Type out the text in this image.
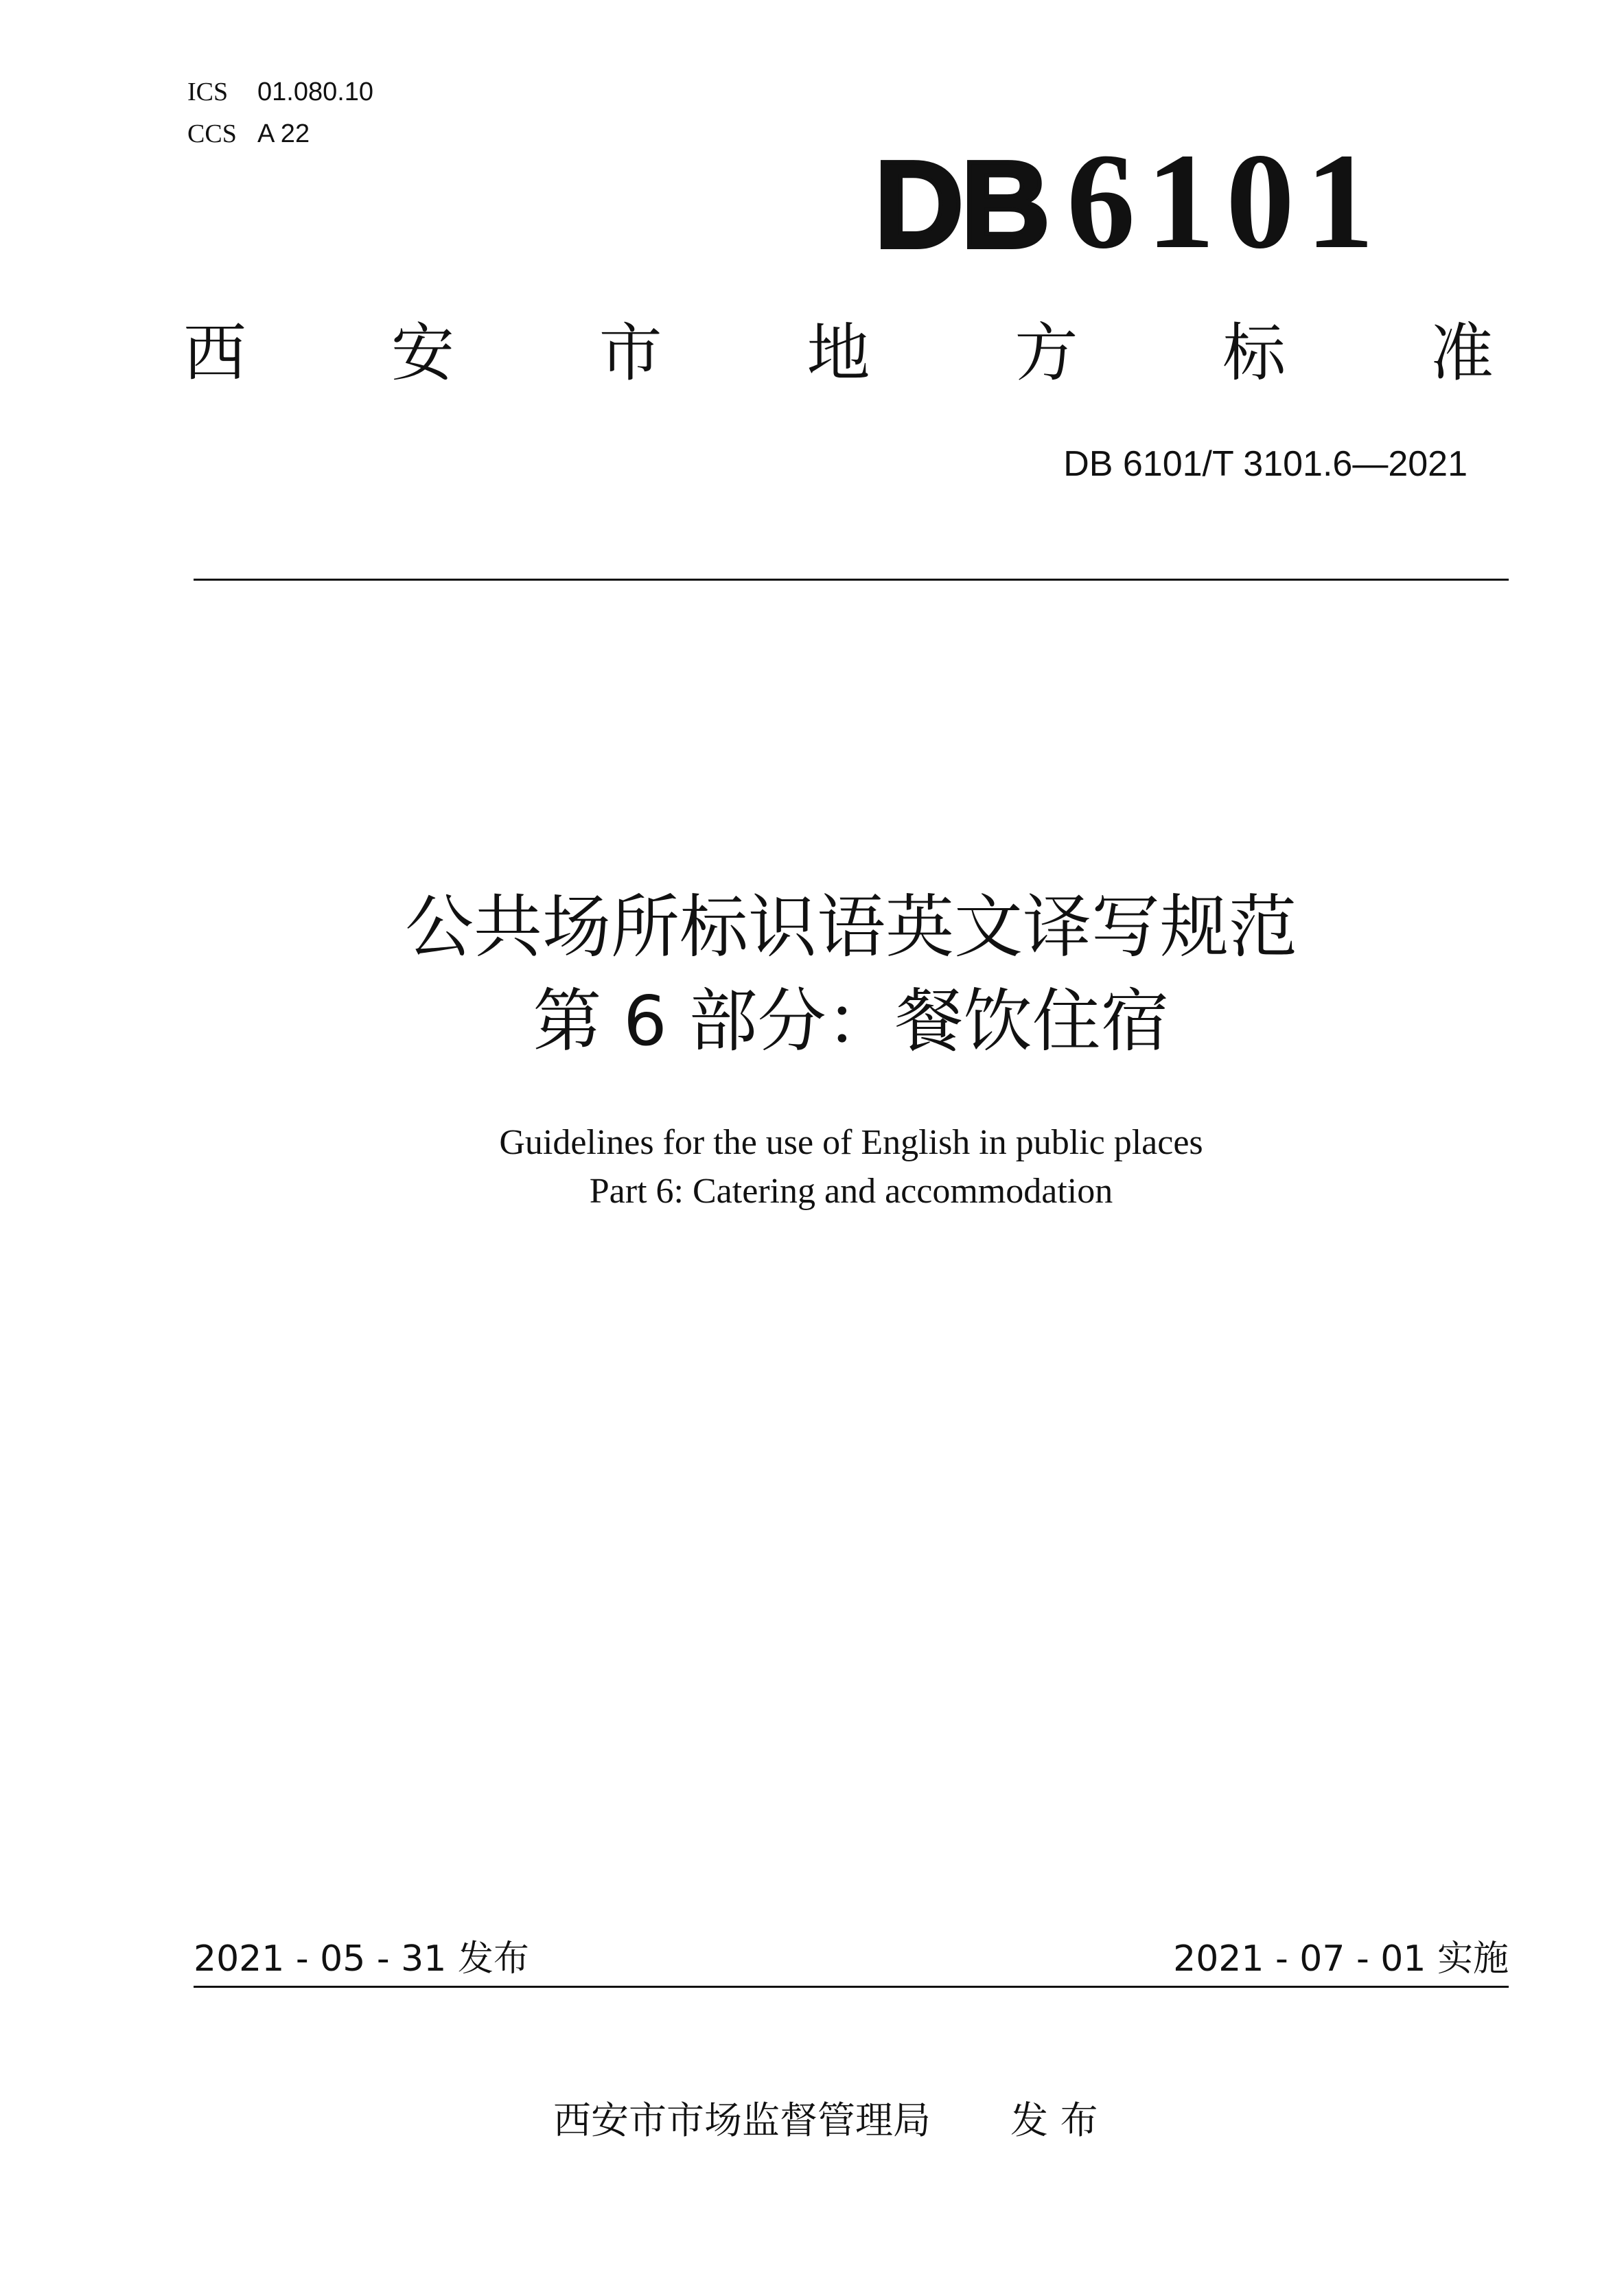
ICS	01.080.10
CCS A 22
DB 6101
西 安 市 地 方 标 准
DB 6101/T 3101.6—2021
公共场所标识语英文译写规范
第 6 部分：餐饮住宿
Guidelines for the use of English in public places
Part 6: Catering and accommodation
2021 - 05 - 31 发布	2021 - 07 - 01 实施
西安市市场监督管理局 发 布
